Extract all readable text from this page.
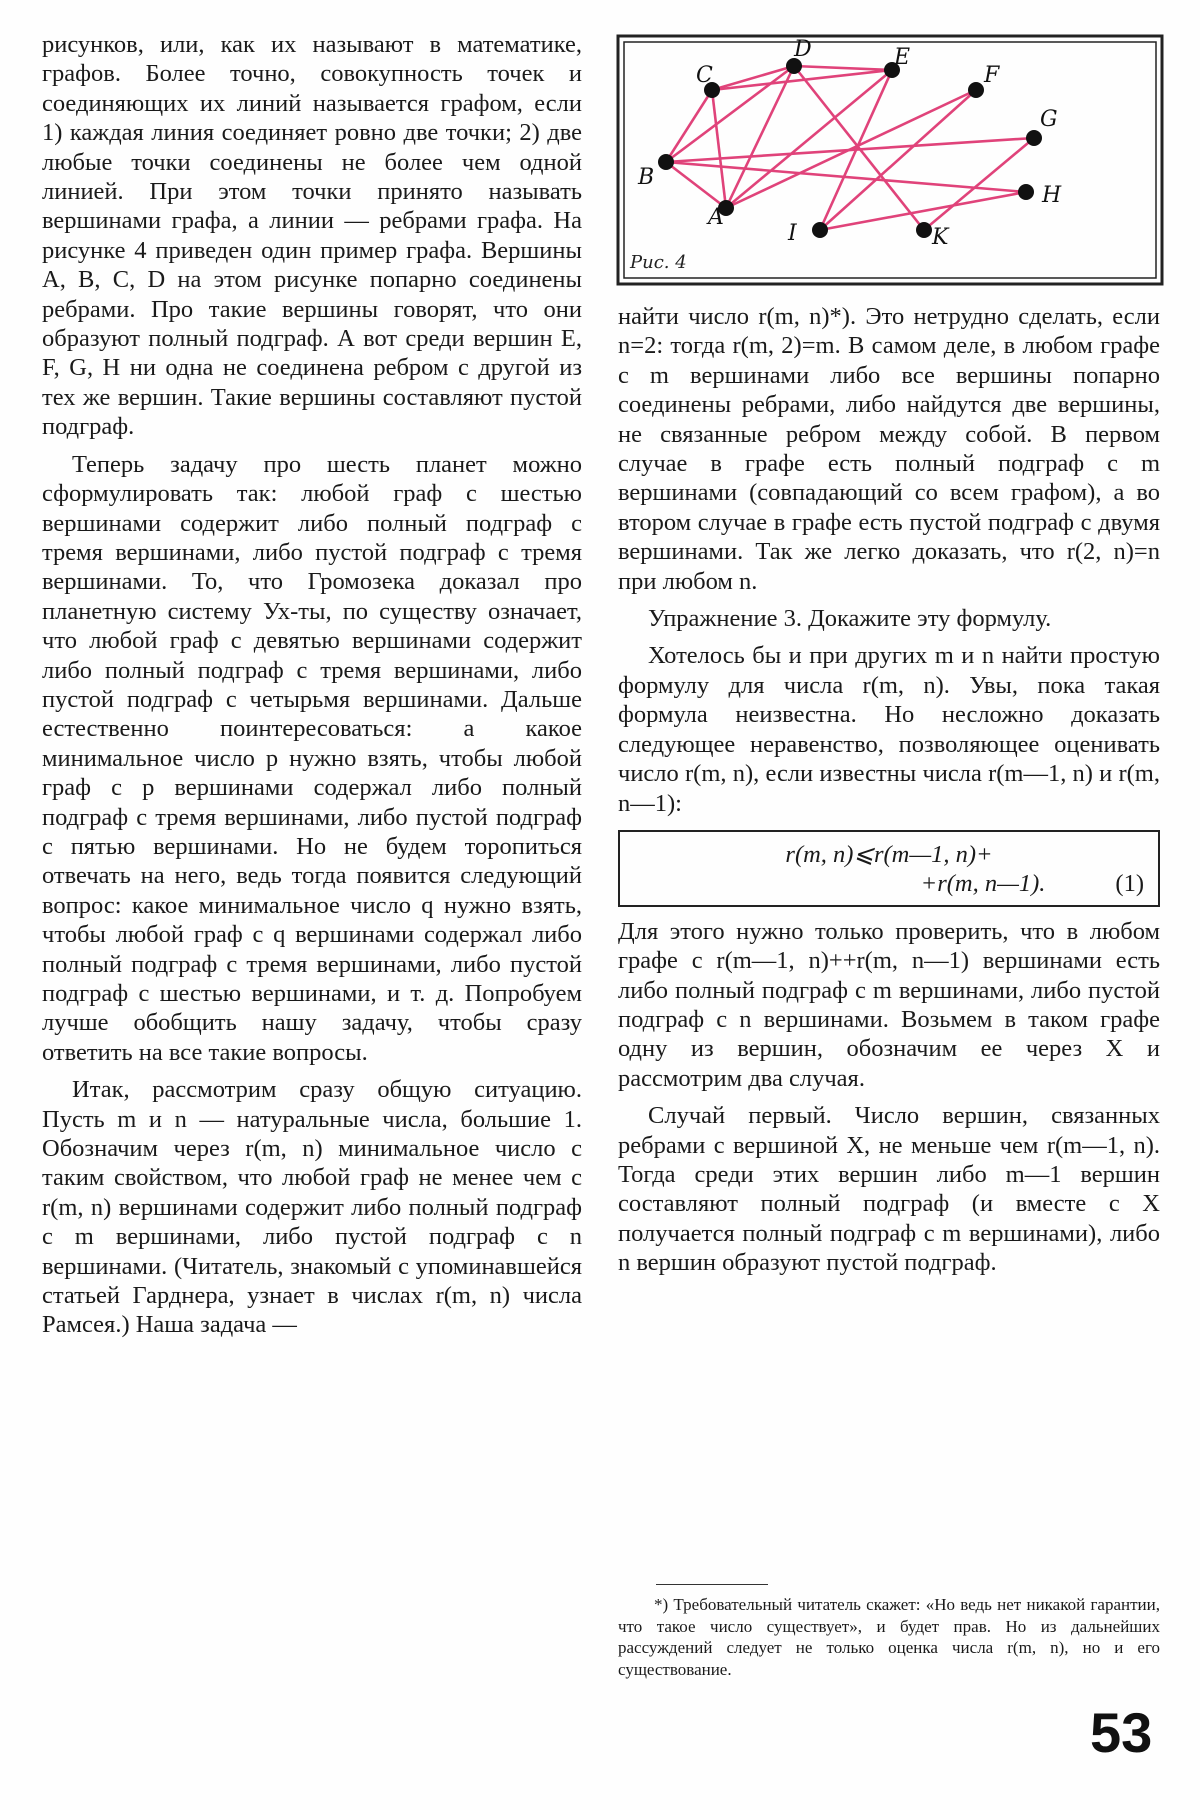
A
B
C
D	E
F
G
H
I	K
Рис. 4

рисунков, или, как их называют в математике, графов. Более точно, совокупность точек и соединяющих их линий называется графом, если 1) каждая линия соединяет ровно две точки; 2) две любые точки соединены не более чем одной линией. При этом точки принято называть вершинами графа, а линии — ребрами графа. На рисунке 4 приведен один пример графа. Вершины A, B, C, D на этом рисунке попарно соединены ребрами. Про такие вершины говорят, что они образуют полный подграф. А вот среди вершин E, F, G, H ни одна не соединена ребром с другой из тех же вершин. Такие вершины составляют пустой подграф.

Теперь задачу про шесть планет можно сформулировать так: любой граф с шестью вершинами содержит либо полный подграф с тремя вершинами, либо пустой подграф с тремя вершинами. То, что Громозека доказал про планетную систему Ух-ты, по существу означает, что любой граф с девятью вершинами содержит либо полный подграф с тремя вершинами, либо пустой подграф с четырьмя вершинами. Дальше естественно поинтересоваться: а какое минимальное число p нужно взять, чтобы любой граф с p вершинами содержал либо полный подграф с тремя вершинами, либо пустой подграф с пятью вершинами. Но не будем торопиться отвечать на него, ведь тогда появится следующий вопрос: какое минимальное число q нужно взять, чтобы любой граф с q вершинами содержал либо полный подграф с тремя вершинами, либо пустой подграф с шестью вершинами, и т. д. Попробуем лучше обобщить нашу задачу, чтобы сразу ответить на все такие вопросы.

Итак, рассмотрим сразу общую ситуацию. Пусть m и n — натуральные числа, большие 1. Обозначим через r(m, n) минимальное число с таким свойством, что любой граф не менее чем с r(m, n) вершинами содержит либо полный подграф с m вершинами, либо пустой подграф с n вершинами. (Читатель, знакомый с упоминавшейся статьей Гарднера, узнает в числах r(m, n) числа Рамсея.) Наша задача —

найти число r(m, n)*). Это нетрудно сделать, если n=2: тогда r(m, 2)=m. В самом деле, в любом графе с m вершинами либо все вершины попарно соединены ребрами, либо найдутся две вершины, не связанные ребром между собой. В первом случае в графе есть полный подграф с m вершинами (совпадающий со всем графом), а во втором случае в графе есть пустой подграф с двумя вершинами. Так же легко доказать, что r(2, n)=n при любом n.

Упражнение 3. Докажите эту формулу.

Хотелось бы и при других m и n найти простую формулу для числа r(m, n). Увы, пока такая формула неизвестна. Но несложно доказать следующее неравенство, позволяющее оценивать число r(m, n), если известны числа r(m—1, n) и r(m, n—1):

r(m, n)⩽r(m—1, n)+
+r(m, n—1).	(1)

Для этого нужно только проверить, что в любом графе с r(m—1, n)++r(m, n—1) вершинами есть либо полный подграф с m вершинами, либо пустой подграф с n вершинами. Возьмем в таком графе одну из вершин, обозначим ее через X и рассмотрим два случая.

Случай первый. Число вершин, связанных ребрами с вершиной X, не меньше чем r(m—1, n). Тогда среди этих вершин либо m—1 вершин составляют полный подграф (и вместе с X получается полный подграф с m вершинами), либо n вершин образуют пустой подграф.

*) Требовательный читатель скажет: «Но ведь нет никакой гарантии, что такое число существует», и будет прав. Но из дальнейших рассуждений следует не только оценка числа r(m, n), но и его существование.
53
